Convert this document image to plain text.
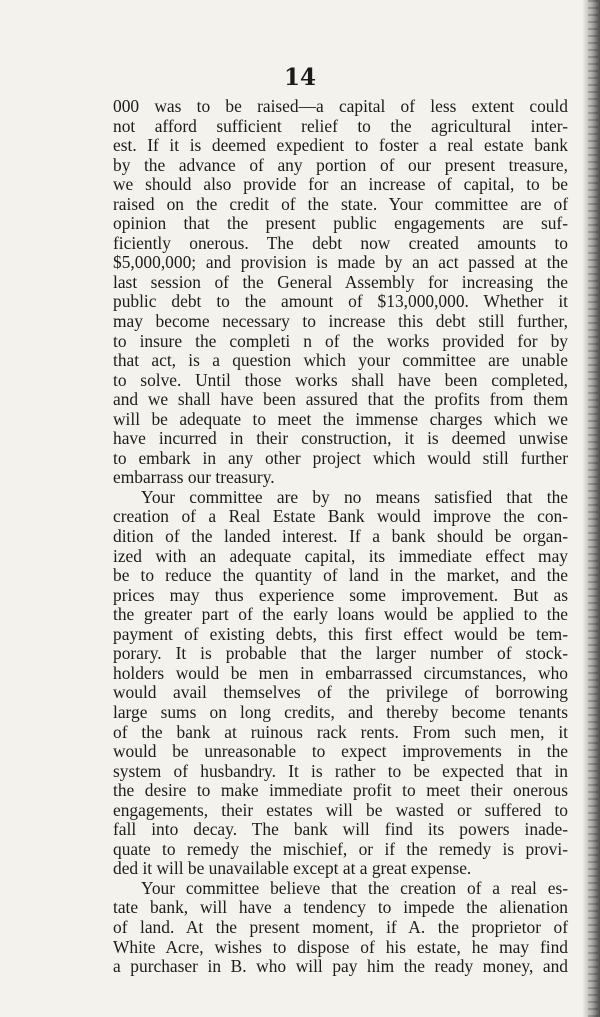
14
000 was to be raised—a capital of less extent could
not afford sufficient relief to the agricultural inter-
est. If it is deemed expedient to foster a real estate bank
by the advance of any portion of our present treasure,
we should also provide for an increase of capital, to be
raised on the credit of the state. Your committee are of
opinion that the present public engagements are suf-
ficiently onerous. The debt now created amounts to
$5,000,000; and provision is made by an act passed at the
last session of the General Assembly for increasing the
public debt to the amount of $13,000,000. Whether it
may become necessary to increase this debt still further,
to insure the completi n of the works provided for by
that act, is a question which your committee are unable
to solve. Until those works shall have been completed,
and we shall have been assured that the profits from them
will be adequate to meet the immense charges which we
have incurred in their construction, it is deemed unwise
to embark in any other project which would still further
embarrass our treasury.
Your committee are by no means satisfied that the
creation of a Real Estate Bank would improve the con-
dition of the landed interest. If a bank should be organ-
ized with an adequate capital, its immediate effect may
be to reduce the quantity of land in the market, and the
prices may thus experience some improvement. But as
the greater part of the early loans would be applied to the
payment of existing debts, this first effect would be tem-
porary. It is probable that the larger number of stock-
holders would be men in embarrassed circumstances, who
would avail themselves of the privilege of borrowing
large sums on long credits, and thereby become tenants
of the bank at ruinous rack rents. From such men, it
would be unreasonable to expect improvements in the
system of husbandry. It is rather to be expected that in
the desire to make immediate profit to meet their onerous
engagements, their estates will be wasted or suffered to
fall into decay. The bank will find its powers inade-
quate to remedy the mischief, or if the remedy is provi-
ded it will be unavailable except at a great expense.
Your committee believe that the creation of a real es-
tate bank, will have a tendency to impede the alienation
of land. At the present moment, if A. the proprietor of
White Acre, wishes to dispose of his estate, he may find
a purchaser in B. who will pay him the ready money, and
